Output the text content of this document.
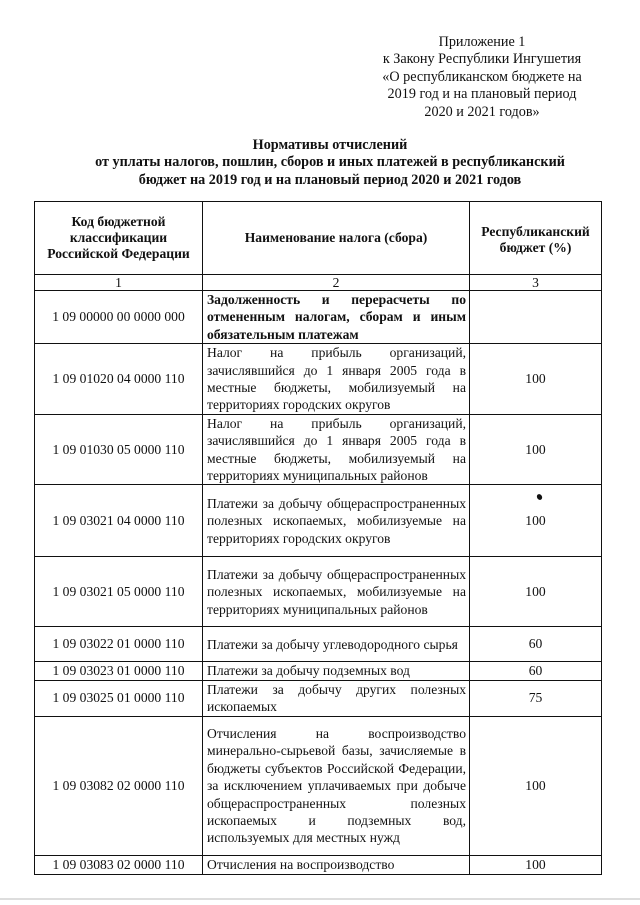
Приложение 1
к Закону Республики Ингушетия
«О республиканском бюджете на
2019 год и на плановый период
2020 и 2021 годов»
Нормативы отчислений
от уплаты налогов, пошлин, сборов и иных платежей в республиканский
бюджет на 2019 год и на плановый период 2020 и 2021 годов
Код бюджетной классификации Российской Федерации	Наименование налога (сбора)	Республиканский бюджет (%)
1	2	3
1 09 00000 00 0000 000	Задолженность и перерасчеты по отмененным налогам, сборам и иным обязательным платежам	
1 09 01020 04 0000 110	Налог на прибыль организаций, зачислявшийся до 1 января 2005 года в местные бюджеты, мобилизуемый на территориях городских округов	100
1 09 01030 05 0000 110	Налог на прибыль организаций, зачислявшийся до 1 января 2005 года в местные бюджеты, мобилизуемый на территориях муниципальных районов	100
1 09 03021 04 0000 110	Платежи за добычу общераспространенных полезных ископаемых, мобилизуемые на территориях городских округов	100
1 09 03021 05 0000 110	Платежи за добычу общераспространенных полезных ископаемых, мобилизуемые на территориях муниципальных районов	100
1 09 03022 01 0000 110	Платежи за добычу углеводородного сырья	60
1 09 03023 01 0000 110	Платежи за добычу подземных вод	60
1 09 03025 01 0000 110	Платежи за добычу других полезных ископаемых	75
1 09 03082 02 0000 110	Отчисления на воспроизводство минерально-сырьевой базы, зачисляемые в бюджеты субъектов Российской Федерации, за исключением уплачиваемых при добыче общераспространенных полезных ископаемых и подземных вод, используемых для местных нужд	100
1 09 03083 02 0000 110	Отчисления на воспроизводство	100
